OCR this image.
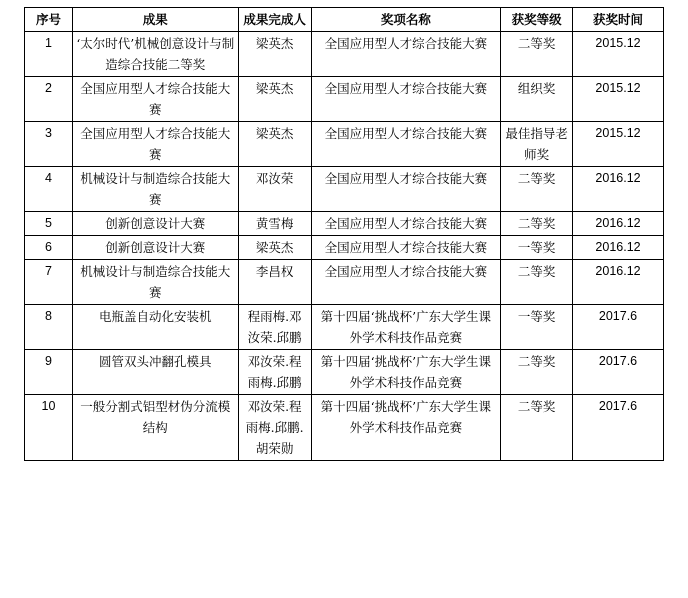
序号	成果	成果完成人	奖项名称	获奖等级	获奖时间
1	‘太尔时代’机械创意设计与制造综合技能二等奖	梁英杰	全国应用型人才综合技能大赛	二等奖	2015.12
2	全国应用型人才综合技能大赛	梁英杰	全国应用型人才综合技能大赛	组织奖	2015.12
3	全国应用型人才综合技能大赛	梁英杰	全国应用型人才综合技能大赛	最佳指导老师奖	2015.12
4	机械设计与制造综合技能大赛	邓汝荣	全国应用型人才综合技能大赛	二等奖	2016.12
5	创新创意设计大赛	黄雪梅	全国应用型人才综合技能大赛	二等奖	2016.12
6	创新创意设计大赛	梁英杰	全国应用型人才综合技能大赛	一等奖	2016.12
7	机械设计与制造综合技能大赛	李昌权	全国应用型人才综合技能大赛	二等奖	2016.12
8	电瓶盖自动化安装机	程雨梅.邓汝荣.邱鹏	第十四届‘挑战杯’广东大学生课外学术科技作品竞赛	一等奖	2017.6
9	圆管双头冲翻孔模具	邓汝荣.程雨梅.邱鹏	第十四届‘挑战杯’广东大学生课外学术科技作品竞赛	二等奖	2017.6
10	一般分割式铝型材伪分流模结构	邓汝荣.程雨梅.邱鹏.胡荣勋	第十四届‘挑战杯’广东大学生课外学术科技作品竞赛	二等奖	2017.6
